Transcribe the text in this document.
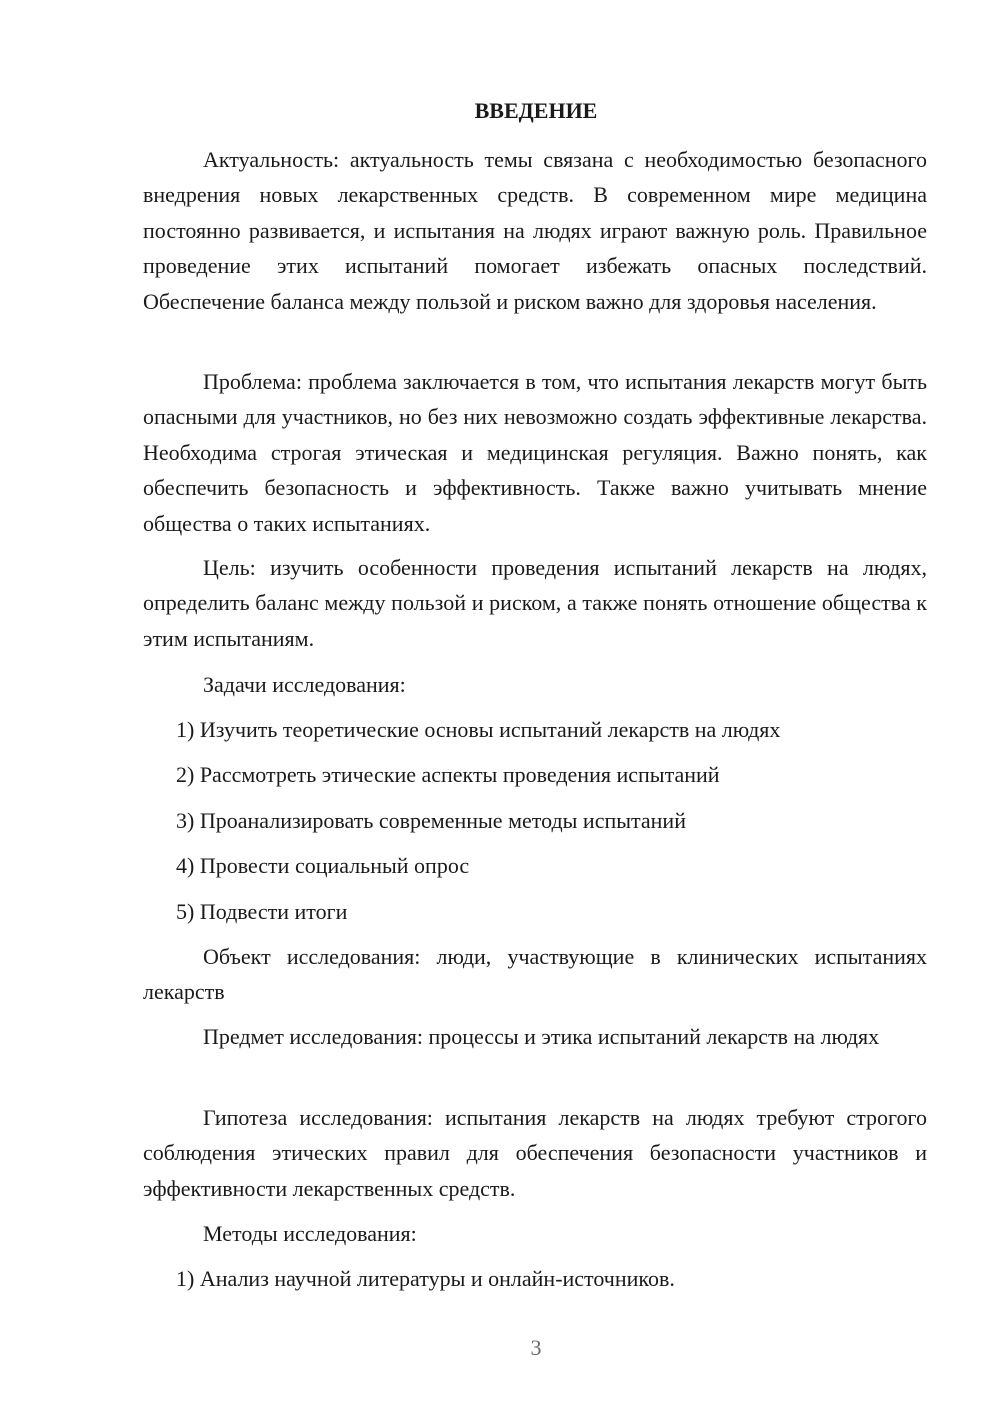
ВВЕДЕНИЕ

Актуальность: актуальность темы связана с необходимостью безопасного внедрения новых лекарственных средств. В современном мире медицина постоянно развивается, и испытания на людях играют важную роль. Правильное проведение этих испытаний помогает избежать опасных последствий. Обеспечение баланса между пользой и риском важно для здоровья населения.

Проблема: проблема заключается в том, что испытания лекарств могут быть опасными для участников, но без них невозможно создать эффективные лекарства. Необходима строгая этическая и медицинская регуляция. Важно понять, как обеспечить безопасность и эффективность. Также важно учитывать мнение общества о таких испытаниях.

Цель: изучить особенности проведения испытаний лекарств на людях, определить баланс между пользой и риском, а также понять отношение общества к этим испытаниям.

Задачи исследования:

1) Изучить теоретические основы испытаний лекарств на людях

2) Рассмотреть этические аспекты проведения испытаний

3) Проанализировать современные методы испытаний

4) Провести социальный опрос

5) Подвести итоги

Объект исследования: люди, участвующие в клинических испытаниях лекарств

Предмет исследования: процессы и этика испытаний лекарств на людях

Гипотеза исследования: испытания лекарств на людях требуют строгого соблюдения этических правил для обеспечения безопасности участников и эффективности лекарственных средств.

Методы исследования:

1) Анализ научной литературы и онлайн-источников.

3
